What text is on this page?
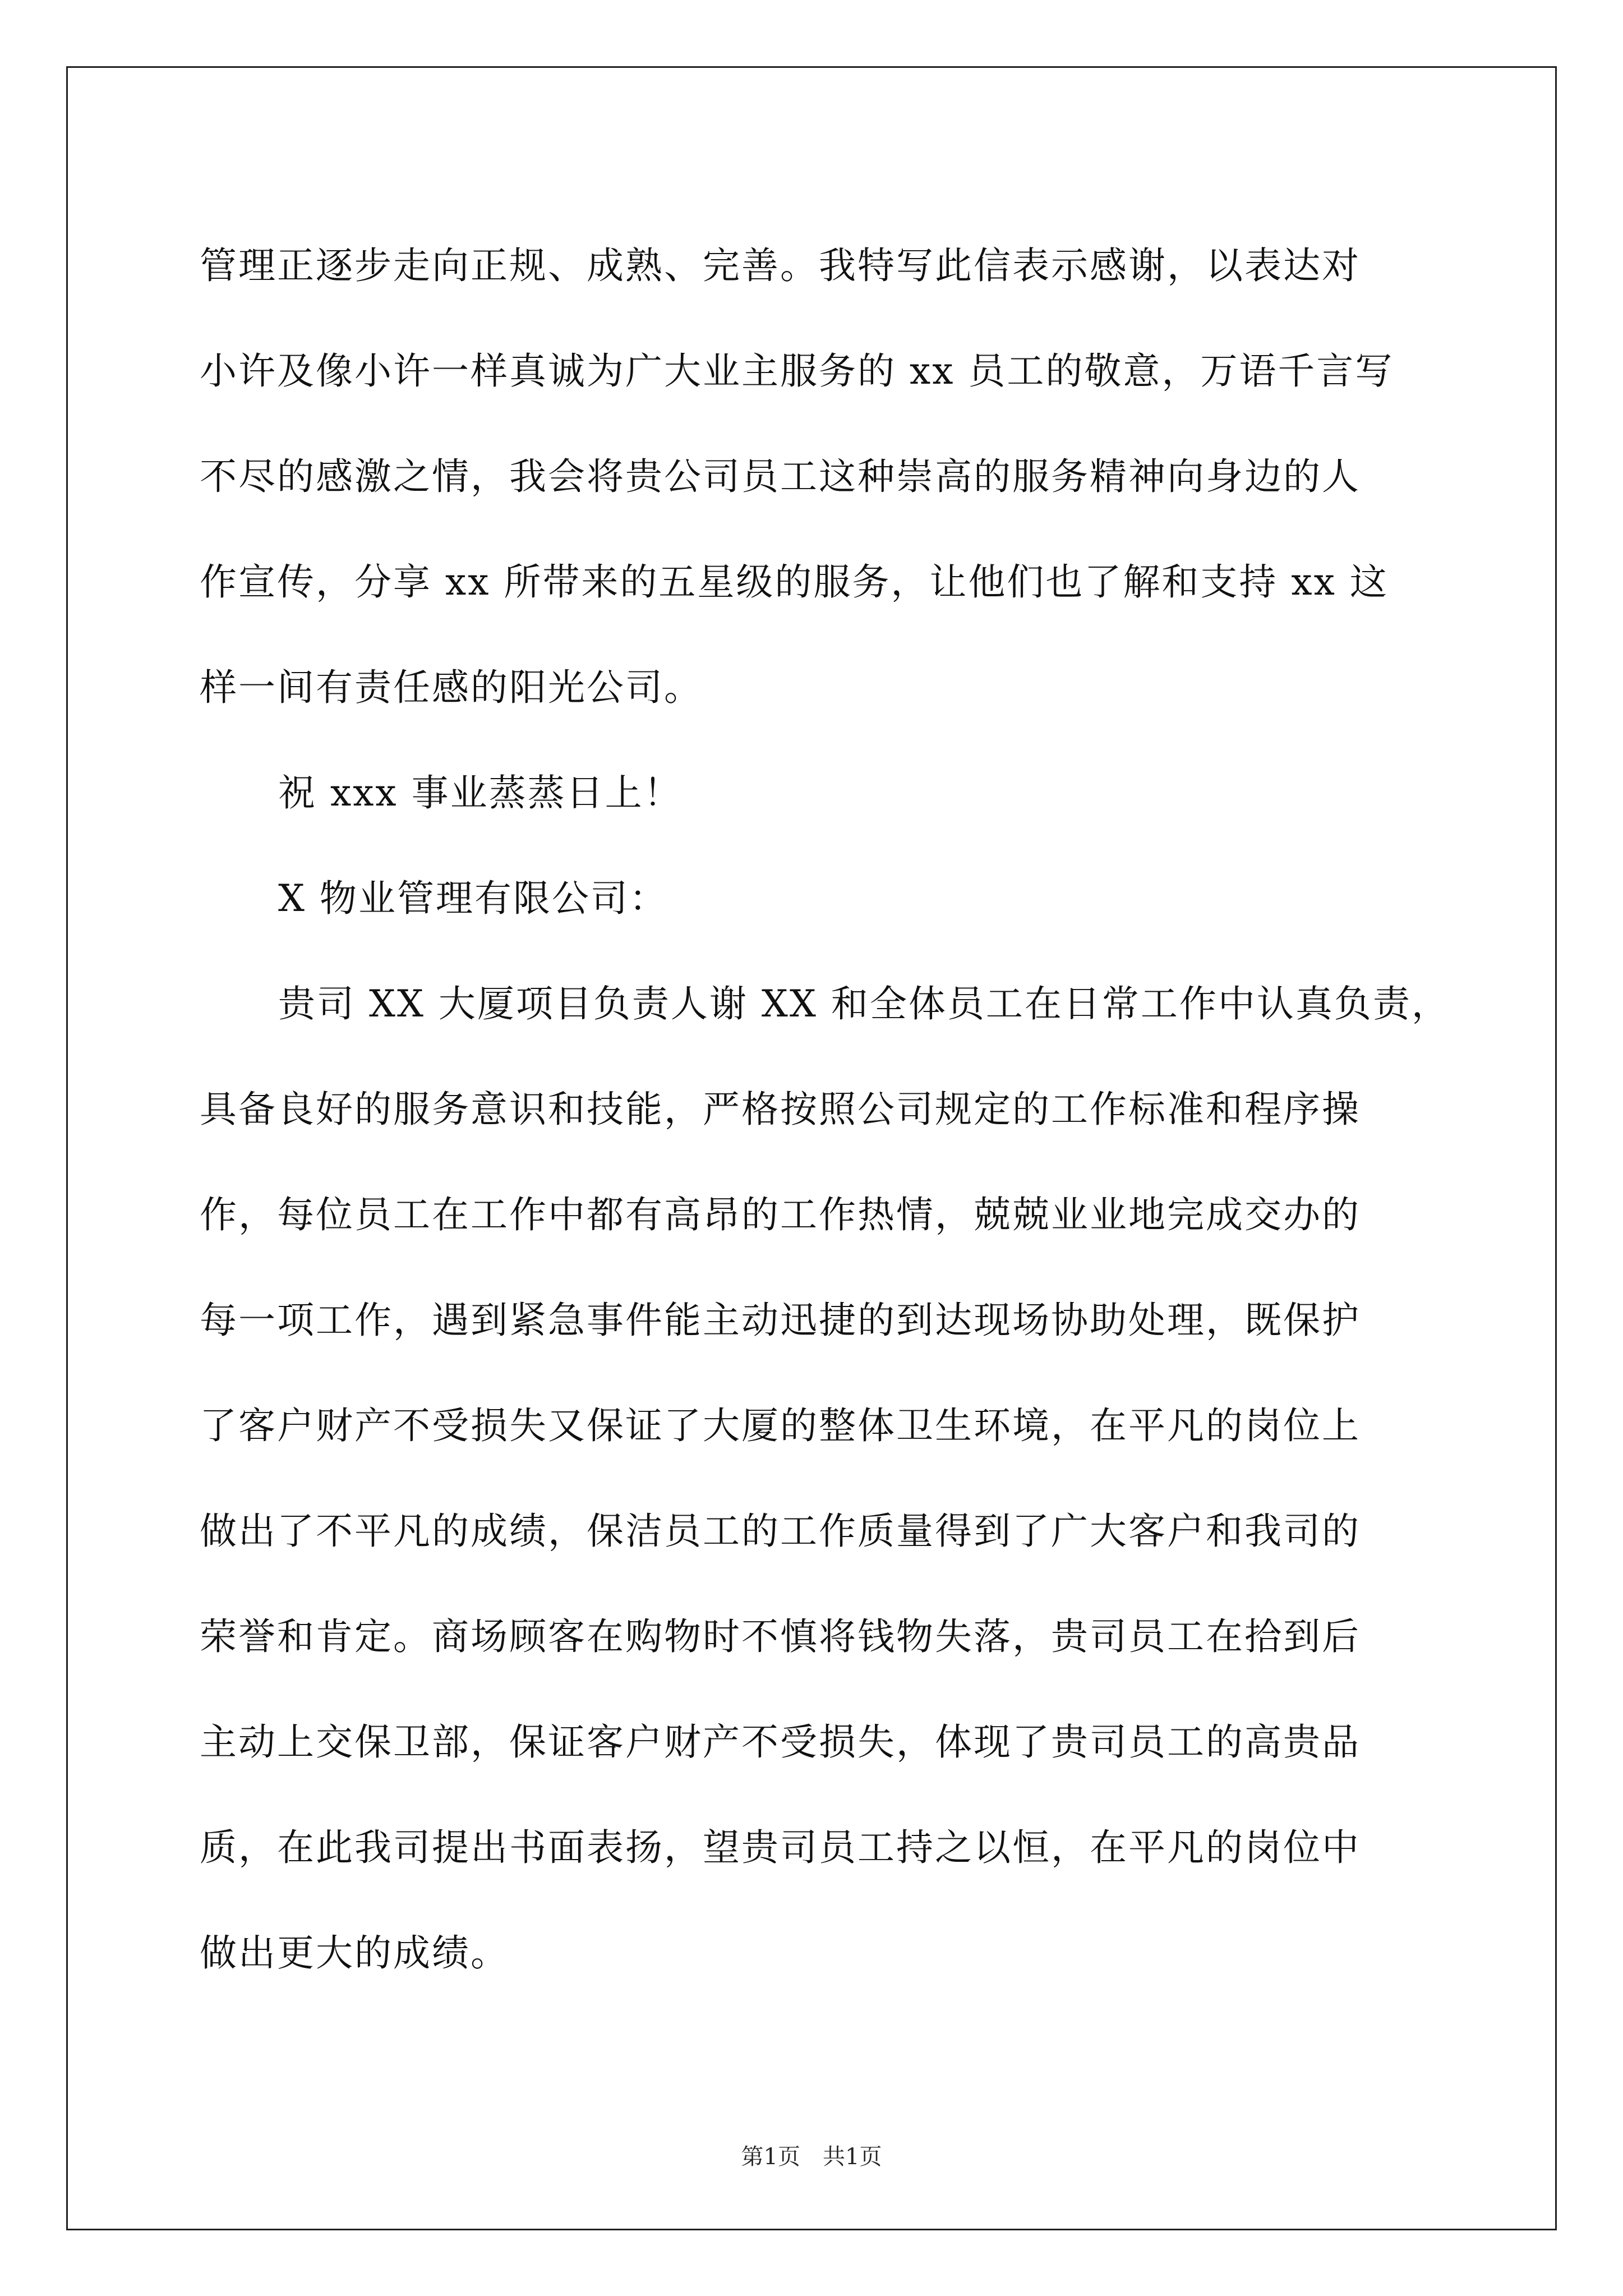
管理正逐步走向正规、成熟、完善。我特写此信表示感谢，以表达对
小许及像小许一样真诚为广大业主服务的 xx 员工的敬意，万语千言写
不尽的感激之情，我会将贵公司员工这种崇高的服务精神向身边的人
作宣传，分享 xx 所带来的五星级的服务，让他们也了解和支持 xx 这
样一间有责任感的阳光公司。
祝 xxx 事业蒸蒸日上！
X 物业管理有限公司：
贵司 XX 大厦项目负责人谢 XX 和全体员工在日常工作中认真负责，
具备良好的服务意识和技能，严格按照公司规定的工作标准和程序操
作，每位员工在工作中都有高昂的工作热情，兢兢业业地完成交办的
每一项工作，遇到紧急事件能主动迅捷的到达现场协助处理，既保护
了客户财产不受损失又保证了大厦的整体卫生环境，在平凡的岗位上
做出了不平凡的成绩，保洁员工的工作质量得到了广大客户和我司的
荣誉和肯定。商场顾客在购物时不慎将钱物失落，贵司员工在拾到后
主动上交保卫部，保证客户财产不受损失，体现了贵司员工的高贵品
质，在此我司提出书面表扬，望贵司员工持之以恒，在平凡的岗位中
做出更大的成绩。
第1页 共1页
